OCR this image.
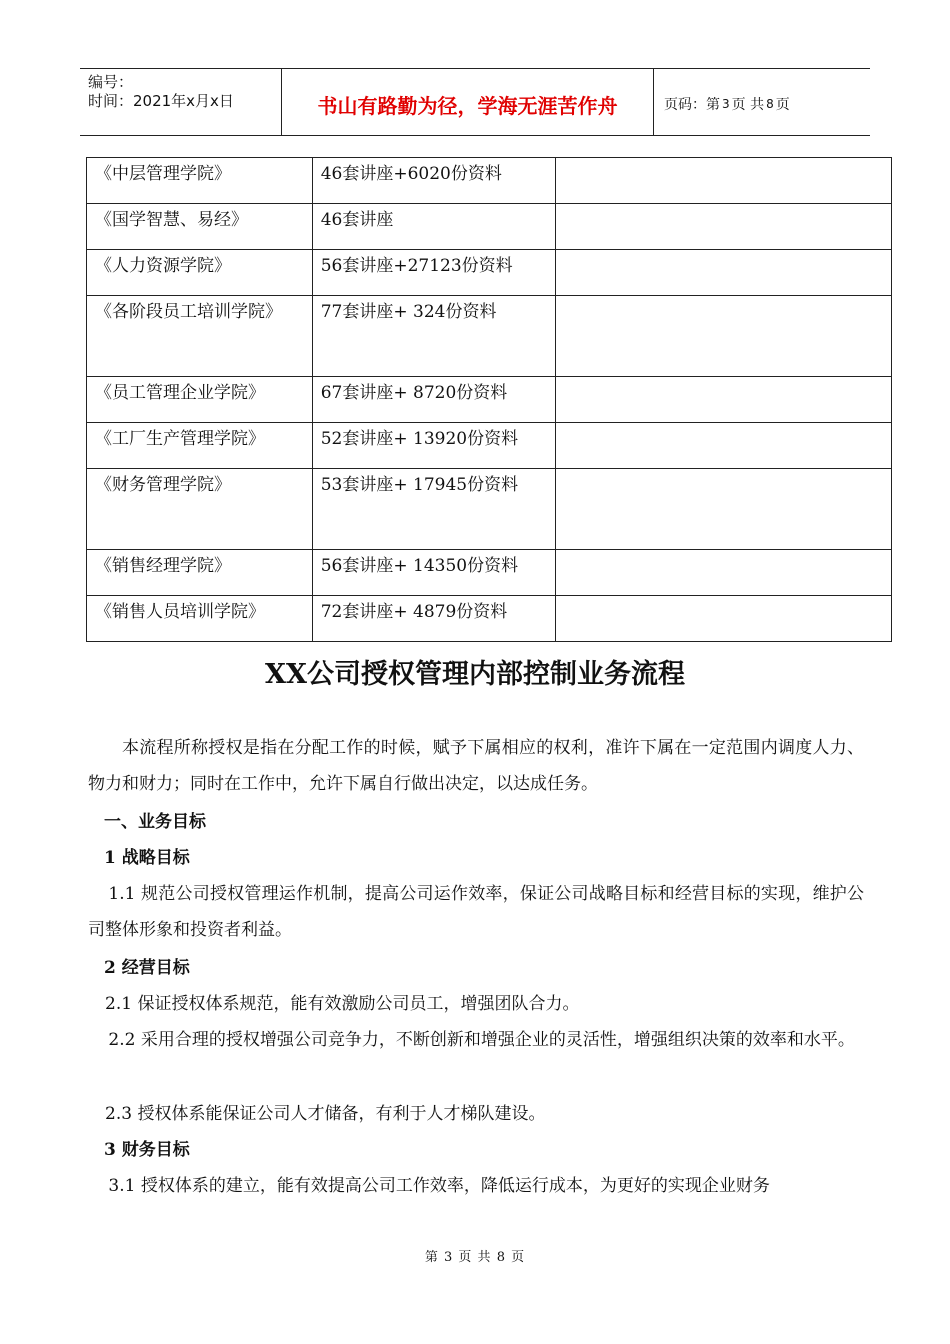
编号：
时间：2021年x月x日	书山有路勤为径，学海无涯苦作舟	页码：第 3 页 共 8 页
《中层管理学院》	46套讲座+6020份资料	

《国学智慧、易经》	46套讲座	

《人力资源学院》	56套讲座+27123份资料	

《各阶段员工培训学院》	77套讲座+ 324份资料	

《员工管理企业学院》	67套讲座+ 8720份资料	

《工厂生产管理学院》	52套讲座+ 13920份资料	

《财务管理学院》	53套讲座+ 17945份资料	

《销售经理学院》	56套讲座+ 14350份资料	

《销售人员培训学院》	72套讲座+ 4879份资料	

XX公司授权管理内部控制业务流程

本流程所称授权是指在分配工作的时候，赋予下属相应的权利，准许下属在一定范围内调度人力、物力和财力；同时在工作中，允许下属自行做出决定，以达成任务。

一、业务目标

1 战略目标

1.1 规范公司授权管理运作机制，提高公司运作效率，保证公司战略目标和经营目标的实现，维护公司整体形象和投资者利益。

2 经营目标

2.1 保证授权体系规范，能有效激励公司员工，增强团队合力。

2.2 采用合理的授权增强公司竞争力，不断创新和增强企业的灵活性，增强组织决策的效率和水平。

2.3 授权体系能保证公司人才储备，有利于人才梯队建设。

3 财务目标

3.1 授权体系的建立，能有效提高公司工作效率，降低运行成本，为更好的实现企业财务

第 3 页 共 8 页
